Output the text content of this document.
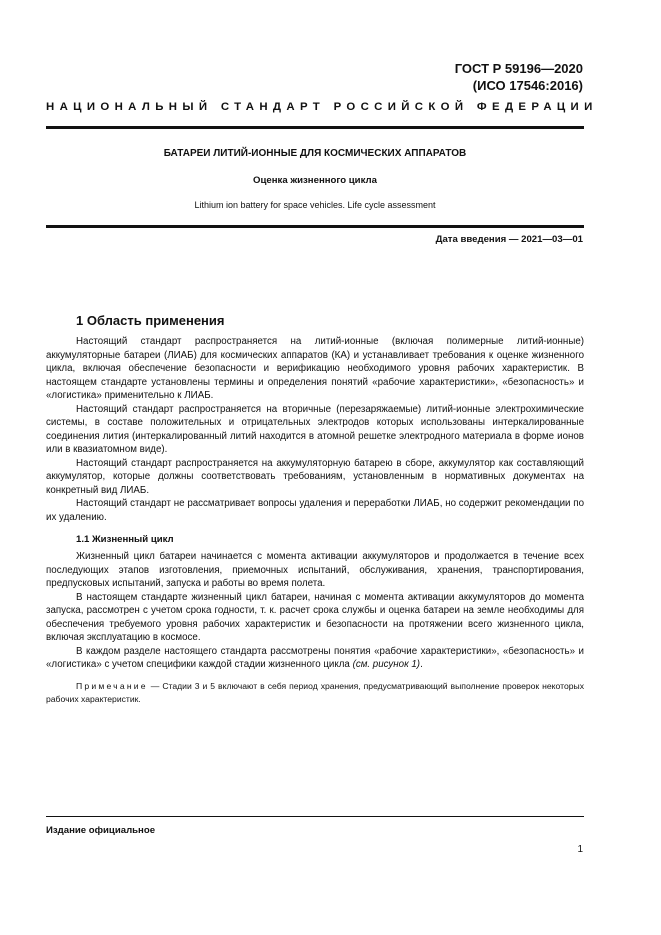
ГОСТ Р 59196—2020
(ИСО 17546:2016)
НАЦИОНАЛЬНЫЙ СТАНДАРТ РОССИЙСКОЙ ФЕДЕРАЦИИ
БАТАРЕИ ЛИТИЙ-ИОННЫЕ ДЛЯ КОСМИЧЕСКИХ АППАРАТОВ
Оценка жизненного цикла
Lithium ion battery for space vehicles. Life cycle assessment
Дата введения — 2021—03—01
1 Область применения

Настоящий стандарт распространяется на литий-ионные (включая полимерные литий-ионные) аккумуляторные батареи (ЛИАБ) для космических аппаратов (КА) и устанавливает требования к оценке жизненного цикла, включая обеспечение безопасности и верификацию необходимого уровня рабочих характеристик. В настоящем стандарте установлены термины и определения понятий «рабочие характеристики», «безопасность» и «логистика» применительно к ЛИАБ.

Настоящий стандарт распространяется на вторичные (перезаряжаемые) литий-ионные электрохимические системы, в составе положительных и отрицательных электродов которых использованы интеркалированные соединения лития (интеркалированный литий находится в атомной решетке электродного материала в форме ионов или в квазиатомном виде).

Настоящий стандарт распространяется на аккумуляторную батарею в сборе, аккумулятор как составляющий аккумулятор, которые должны соответствовать требованиям, установленным в нормативных документах на конкретный вид ЛИАБ.

Настоящий стандарт не рассматривает вопросы удаления и переработки ЛИАБ, но содержит рекомендации по их удалению.

1.1 Жизненный цикл

Жизненный цикл батареи начинается с момента активации аккумуляторов и продолжается в течение всех последующих этапов изготовления, приемочных испытаний, обслуживания, хранения, транспортирования, предпусковых испытаний, запуска и работы во время полета.

В настоящем стандарте жизненный цикл батареи, начиная с момента активации аккумуляторов до момента запуска, рассмотрен с учетом срока годности, т. к. расчет срока службы и оценка батареи на земле необходимы для обеспечения требуемого уровня рабочих характеристик и безопасности на протяжении всего жизненного цикла, включая эксплуатацию в космосе.

В каждом разделе настоящего стандарта рассмотрены понятия «рабочие характеристики», «безопасность» и «логистика» с учетом специфики каждой стадии жизненного цикла (см. рисунок 1).

Примечание — Стадии 3 и 5 включают в себя период хранения, предусматривающий выполнение проверок некоторых рабочих характеристик.
Издание официальное
1
